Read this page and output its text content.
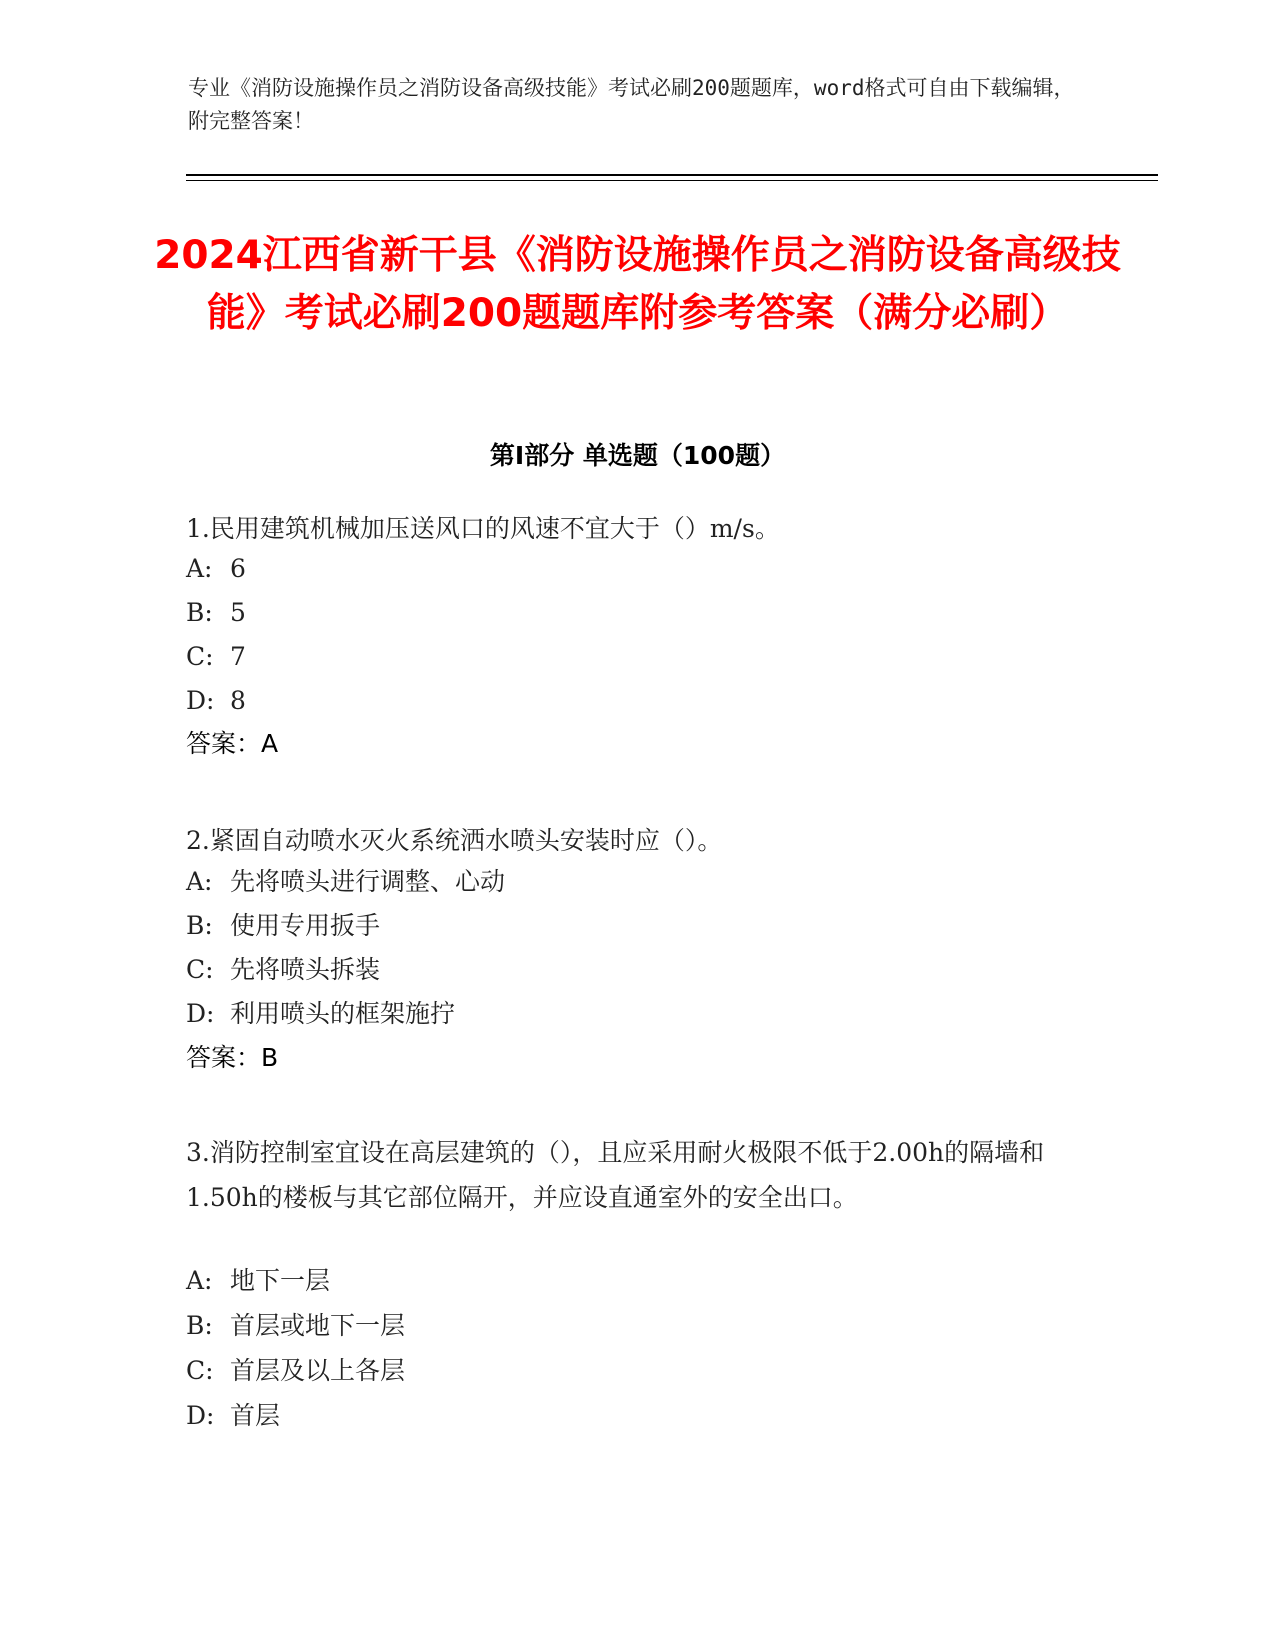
专业《消防设施操作员之消防设备高级技能》考试必刷200题题库，word格式可自由下载编辑，附完整答案！

2024江西省新干县《消防设施操作员之消防设备高级技能》考试必刷200题题库附参考答案（满分必刷）
第Ⅰ部分 单选题（100题）

1.民用建筑机械加压送风口的风速不宜大于（）m/s。

A: 6
B: 5
C: 7
D: 8
答案：A

2.紧固自动喷水灭火系统洒水喷头安装时应（）。

A: 先将喷头进行调整、心动
B: 使用专用扳手
C: 先将喷头拆装
D: 利用喷头的框架施拧
答案：B

3.消防控制室宜设在高层建筑的（），且应采用耐火极限不低于2.00h的隔墙和1.50h的楼板与其它部位隔开，并应设直通室外的安全出口。

A: 地下一层
B: 首层或地下一层
C: 首层及以上各层
D: 首层
